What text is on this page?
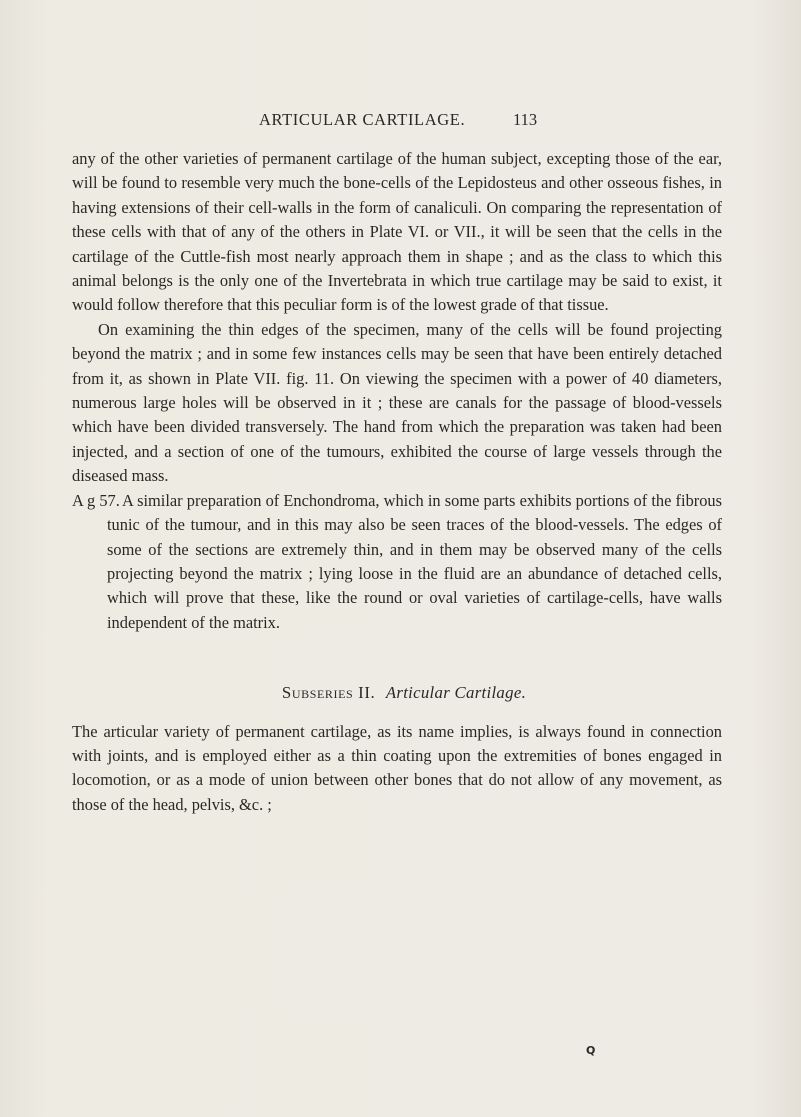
ARTICULAR CARTILAGE.	113

any of the other varieties of permanent cartilage of the human subject, excepting those of the ear, will be found to resemble very much the bone-cells of the Lepidosteus and other osseous fishes, in having extensions of their cell-walls in the form of canaliculi. On comparing the representation of these cells with that of any of the others in Plate VI. or VII., it will be seen that the cells in the cartilage of the Cuttle-fish most nearly approach them in shape ; and as the class to which this animal belongs is the only one of the Invertebrata in which true cartilage may be said to exist, it would follow therefore that this peculiar form is of the lowest grade of that tissue.

On examining the thin edges of the specimen, many of the cells will be found projecting beyond the matrix ; and in some few instances cells may be seen that have been entirely detached from it, as shown in Plate VII. fig. 11. On viewing the specimen with a power of 40 diameters, numerous large holes will be observed in it ; these are canals for the passage of blood-vessels which have been divided transversely. The hand from which the preparation was taken had been injected, and a section of one of the tumours, exhibited the course of large vessels through the diseased mass.

A g 57. A similar preparation of Enchondroma, which in some parts exhibits portions of the fibrous tunic of the tumour, and in this may also be seen traces of the blood-vessels. The edges of some of the sections are extremely thin, and in them may be observed many of the cells projecting beyond the matrix ; lying loose in the fluid are an abundance of detached cells, which will prove that these, like the round or oval varieties of cartilage-cells, have walls independent of the matrix.

Subseries II. Articular Cartilage.

The articular variety of permanent cartilage, as its name implies, is always found in connection with joints, and is employed either as a thin coating upon the extremities of bones engaged in locomotion, or as a mode of union between other bones that do not allow of any movement, as those of the head, pelvis, &c. ;

Q
